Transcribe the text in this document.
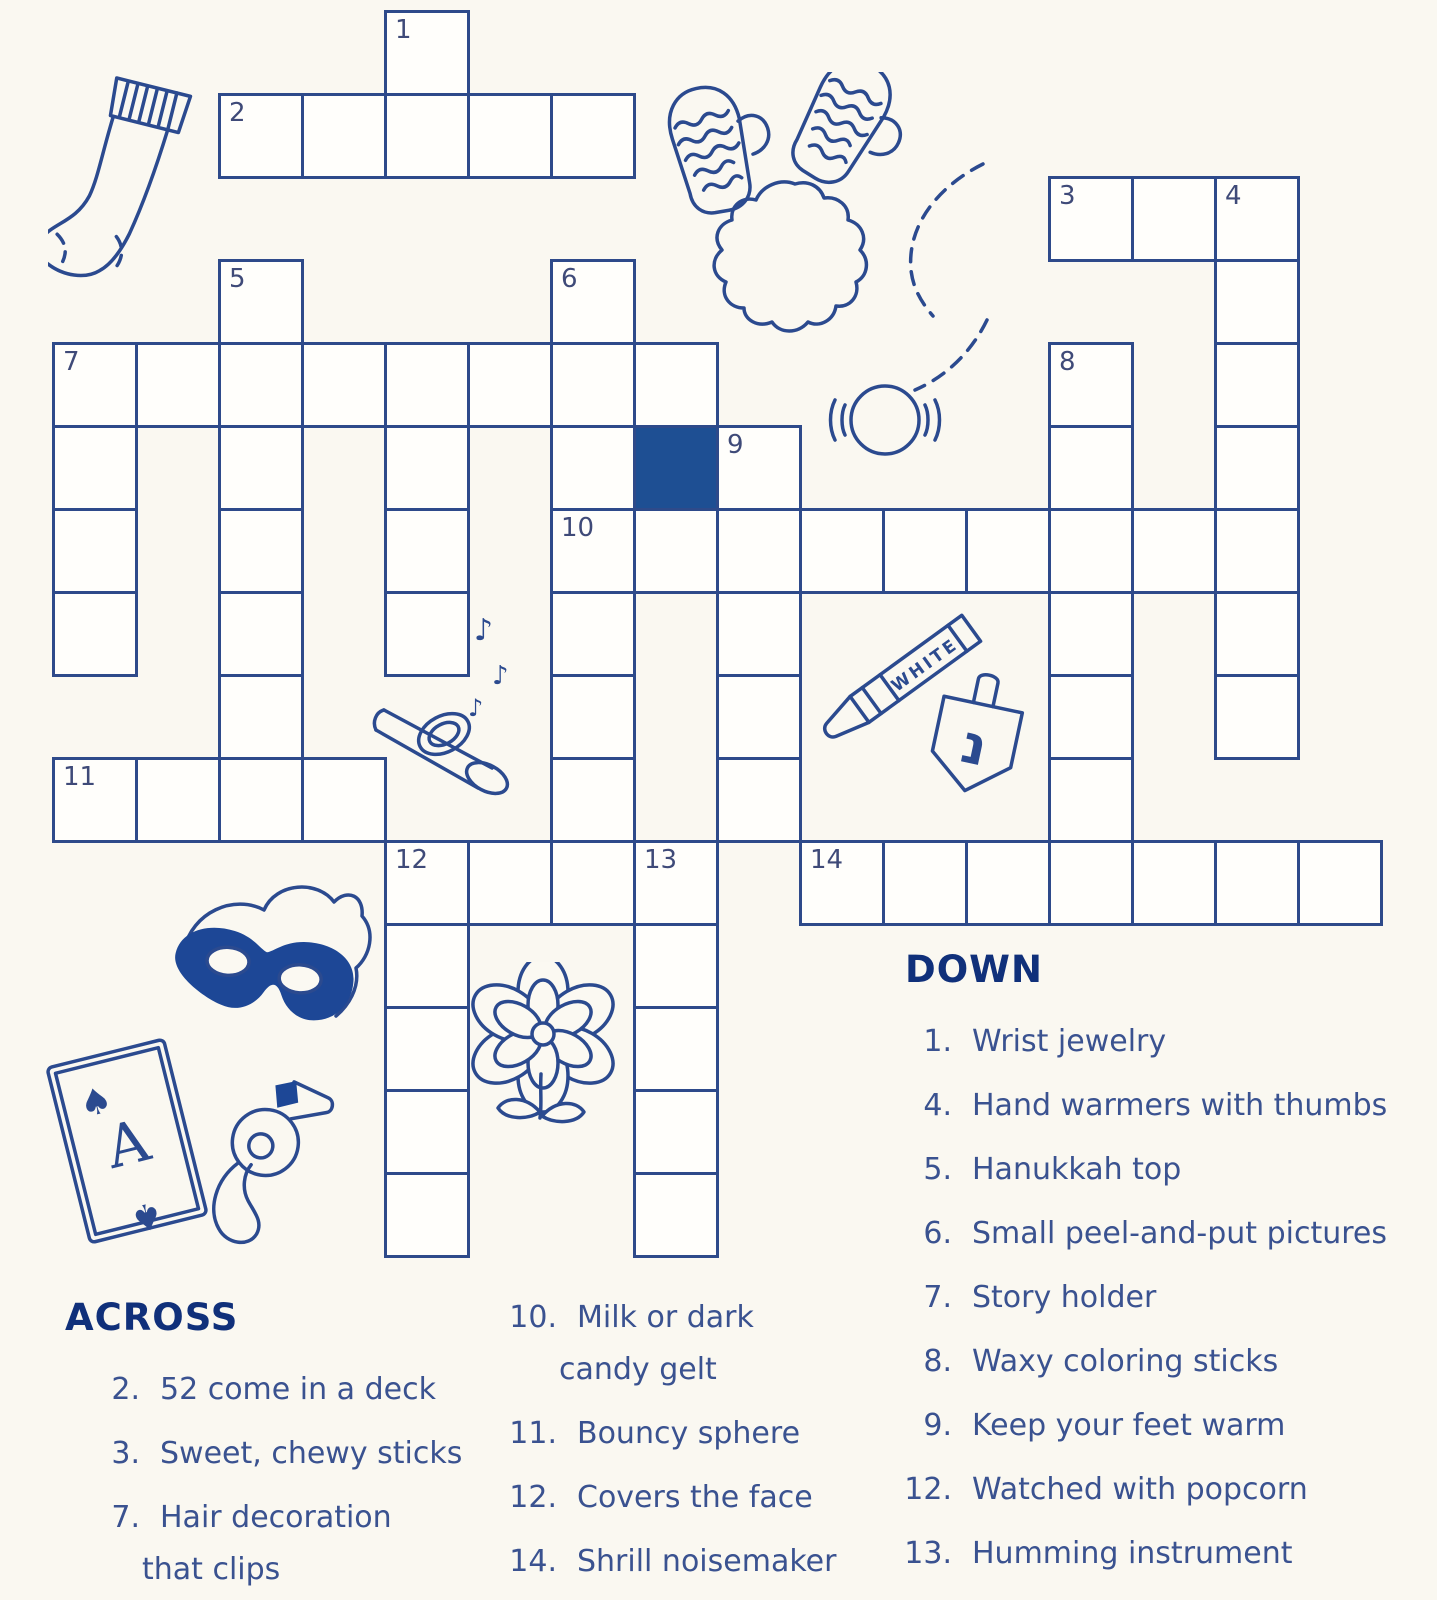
♪
♪
♪
WHITE
נ
♠
♠
A
1
2
3	4
5	6
7	8
9
10
11
12	13	14
ACROSS
2. 52 come in a deck
3. Sweet, chewy sticks
7. Hair decoration
that clips
10. Milk or dark
candy gelt
11. Bouncy sphere
12. Covers the face
14. Shrill noisemaker
DOWN
1. Wrist jewelry
4. Hand warmers with thumbs
5. Hanukkah top
6. Small peel-and-put pictures
7. Story holder
8. Waxy coloring sticks
9. Keep your feet warm
12. Watched with popcorn
13. Humming instrument
